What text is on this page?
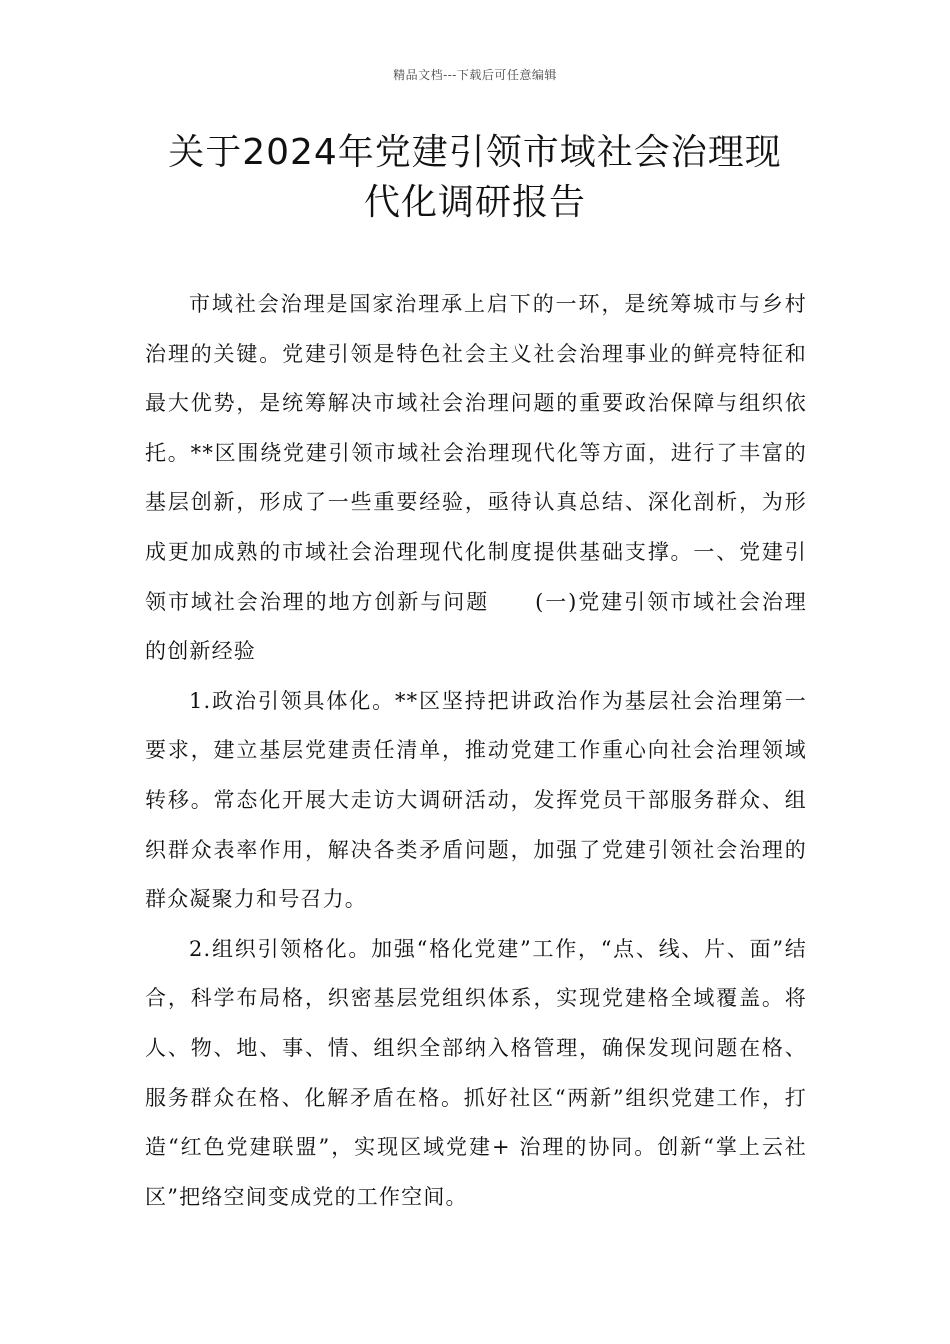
精品文档---下载后可任意编辑
关于2024年党建引领市域社会治理现
代化调研报告

市域社会治理是国家治理承上启下的一环，是统筹城市与乡村治理的关键。党建引领是特色社会主义社会治理事业的鲜亮特征和最大优势，是统筹解决市域社会治理问题的重要政治保障与组织依托。**区围绕党建引领市域社会治理现代化等方面，进行了丰富的基层创新，形成了一些重要经验，亟待认真总结、深化剖析，为形成更加成熟的市域社会治理现代化制度提供基础支撑。一、党建引领市域社会治理的地方创新与问题　　(一)党建引领市域社会治理的创新经验

1.政治引领具体化。**区坚持把讲政治作为基层社会治理第一要求，建立基层党建责任清单，推动党建工作重心向社会治理领域转移。常态化开展大走访大调研活动，发挥党员干部服务群众、组织群众表率作用，解决各类矛盾问题，加强了党建引领社会治理的群众凝聚力和号召力。

2.组织引领格化。加强“格化党建”工作，“点、线、片、面”结合，科学布局格，织密基层党组织体系，实现党建格全域覆盖。将人、物、地、事、情、组织全部纳入格管理，确保发现问题在格、服务群众在格、化解矛盾在格。抓好社区“两新”组织党建工作，打造“红色党建联盟”，实现区域党建+ 治理的协同。创新“掌上云社区”把络空间变成党的工作空间。
